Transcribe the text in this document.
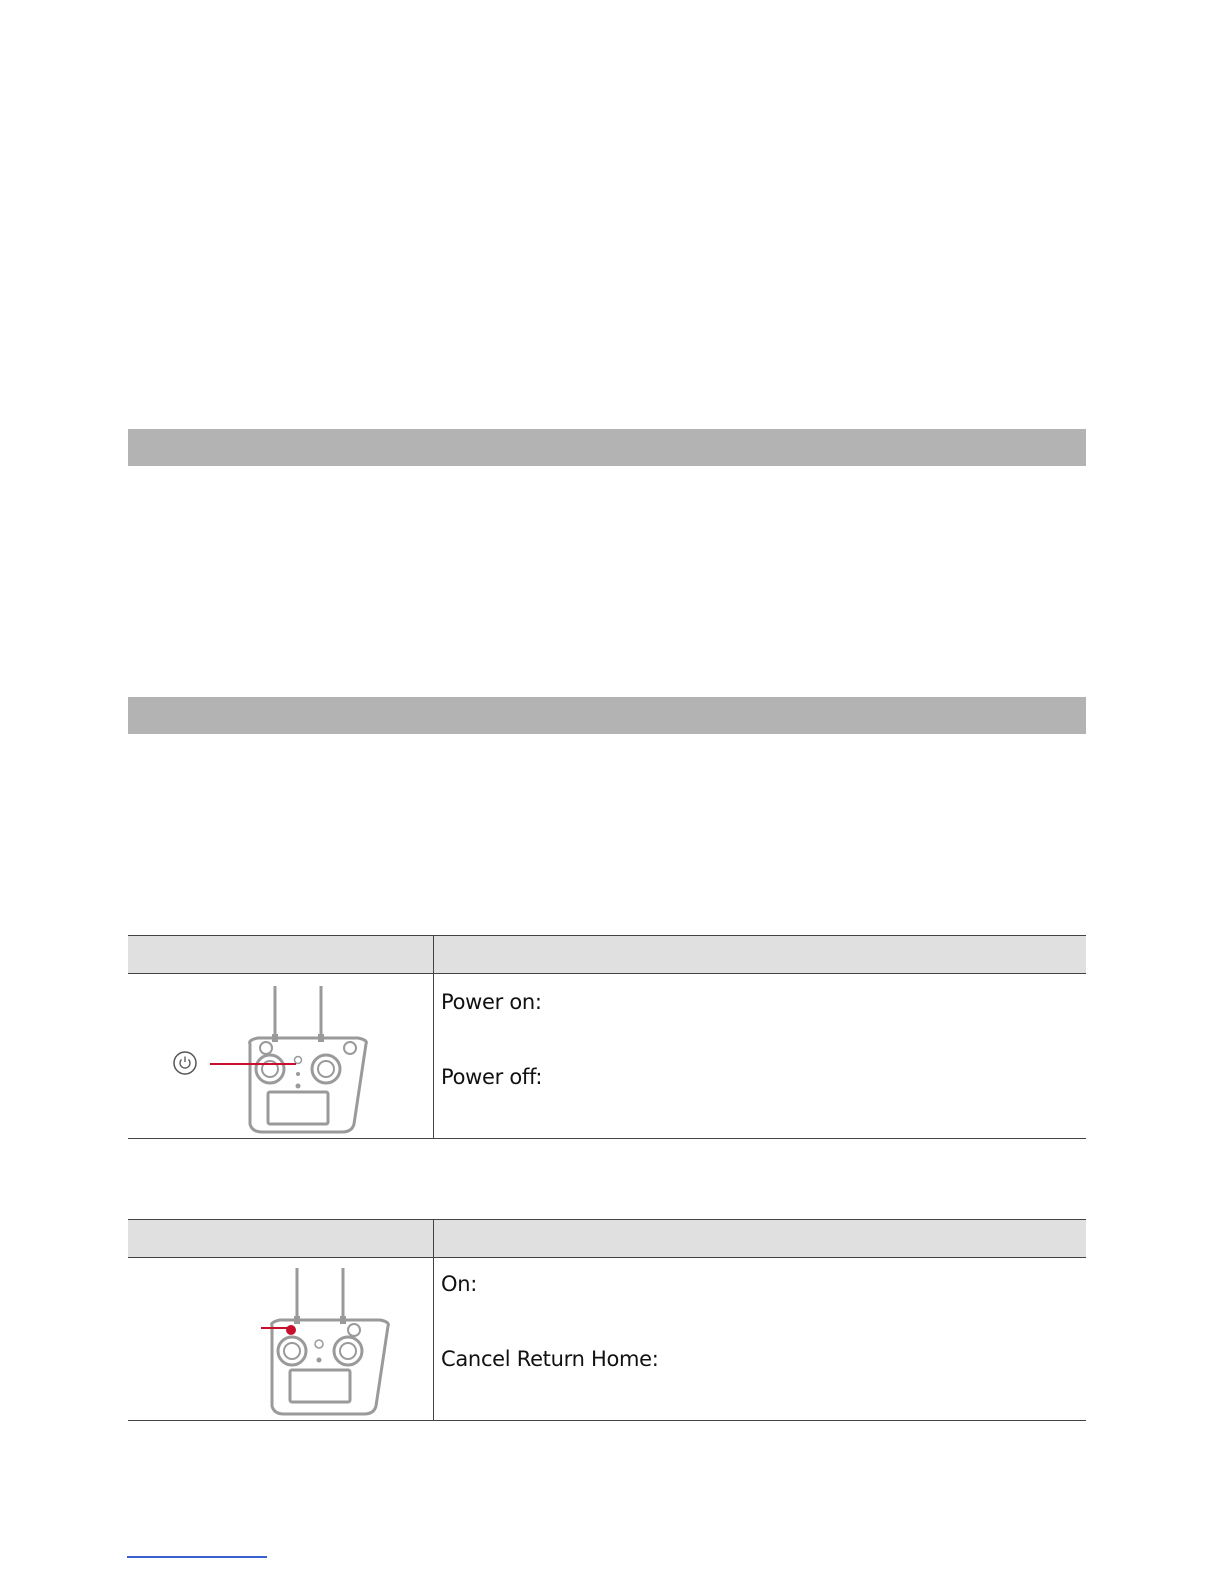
Power on:
Power off:
On:
Cancel Return Home:
